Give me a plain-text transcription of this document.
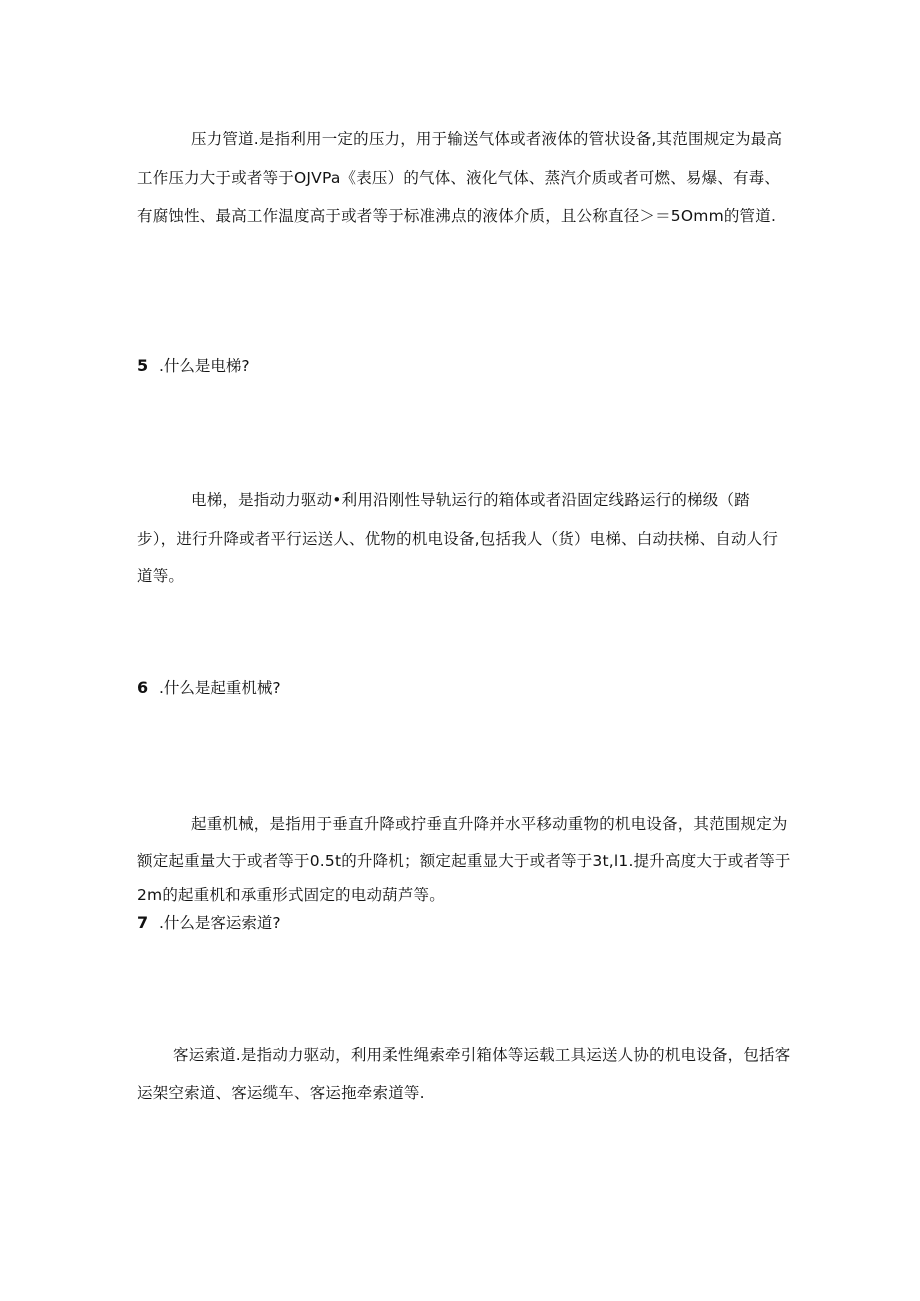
压力管道.是指利用一定的压力，用于输送气体或者液体的管状设备,其范围规定为最高
工作压力大于或者等于OJVPa《表压）的气体、液化气体、蒸汽介质或者可燃、易爆、有毒、
有腐蚀性、最高工作温度高于或者等于标准沸点的液体介质，且公称直径＞＝5Omm的管道.
5 .什么是电梯?
电梯，是指动力驱动•利用沿刚性导轨运行的箱体或者沿固定线路运行的梯级（踏
步），进行升降或者平行运送人、优物的机电设备,包括我人（货）电梯、白动扶梯、自动人行
道等。
6 .什么是起重机械?
起重机械，是指用于垂直升降或拧垂直升降并水平移动重物的机电设备，其范围规定为
额定起重量大于或者等于0.5t的升降机；额定起重显大于或者等于3t,l1.提升高度大于或者等于
2m的起重机和承重形式固定的电动葫芦等。
7 .什么是客运索道?
客运索道.是指动力驱动，利用柔性绳索牵引箱体等运载工具运送人协的机电设备，包括客
运架空索道、客运缆车、客运拖牵索道等.
